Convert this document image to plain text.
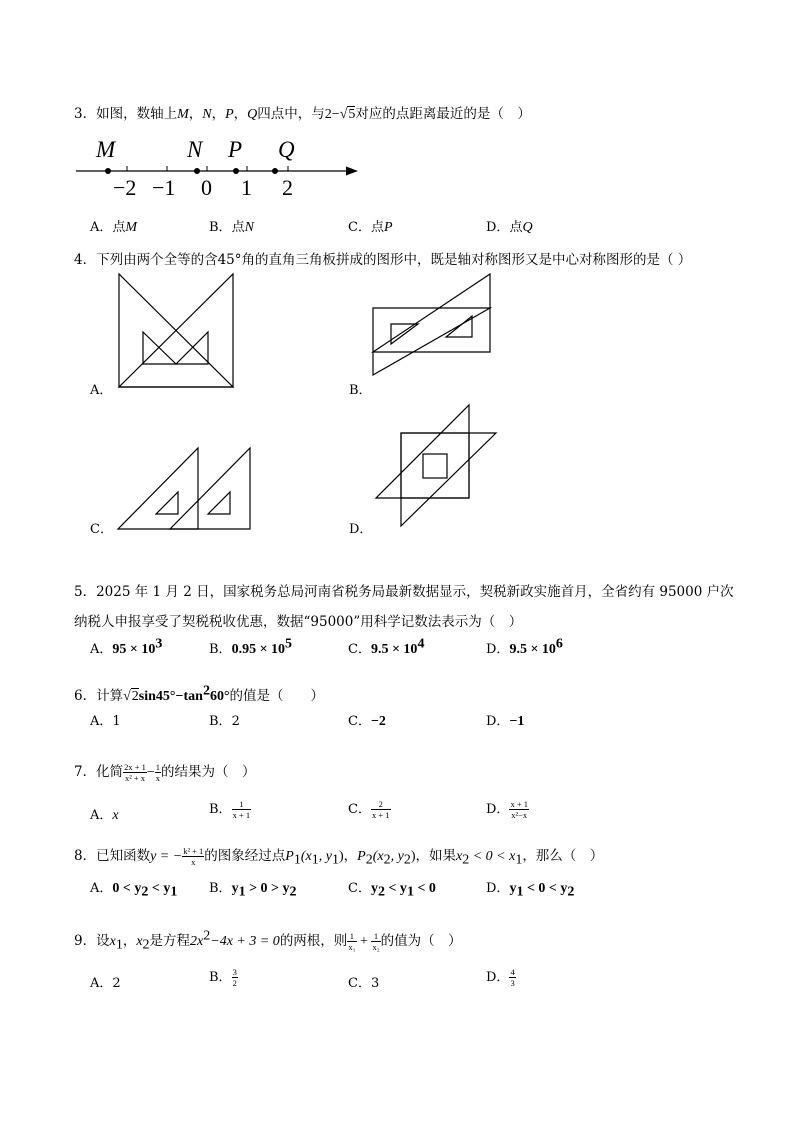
3．如图，数轴上M，N，P，Q四点中，与2−√5对应的点距离最近的是（　）
M	N P Q
−2 −1 0 1 2
A．点M	B．点N	C．点P	D．点Q
4．下列由两个全等的含45°角的直角三角板拼成的图形中，既是轴对称图形又是中心对称图形的是（ ）
A．	B．
C．	D．
5．2025 年 1 月 2 日，国家税务总局河南省税务局最新数据显示，契税新政实施首月，全省约有 95000 户次
纳税人申报享受了契税税收优惠，数据“95000”用科学记数法表示为（　）
A．$95 \times 10^3$	B．$0.95 \times 10^5$	C．$9.5 \times 10^4$	D．$9.5 \times 10^6$
6．计算$√2\sin 45^\circ-\tan^260^\circ$的值是（　　）
A．1	B．2	C．−2	D．−1
7．化简 $\frac{2x + 1}{\text{x² + x}} - \frac{1}{x}$ 的结果为（　）
A．x	B． $\frac{1}{x + 1}$	C． $\frac{2}{x + 1}$	D． $\frac{x + 1}{\text{x²−x}}$
8．已知函数y = − $\frac{\text{k² + 1}}{x}$ 的图象经过点$P_1(x_1$, $y_1$)，$P_2(x_2$, $y_2$)，如果$x_2 < 0 < x_1$，那么（　）
A．$0 < y_2 < y_1$ B．$y_1 > 0 > y_2$	C．$y_2 < y_1 < 0$	D．$y_1 < 0 < y_2$
9．设$x_1$，$x_2$是方程$2x^2-4x + 3 = 0$的两根，则 $\frac{1}{\text{x₁}} + \frac{1}{\text{x₂}}$ 的值为（　）
A．2	B． $\frac{3}{2}$	C．3	D． $\frac{4}{3}$
